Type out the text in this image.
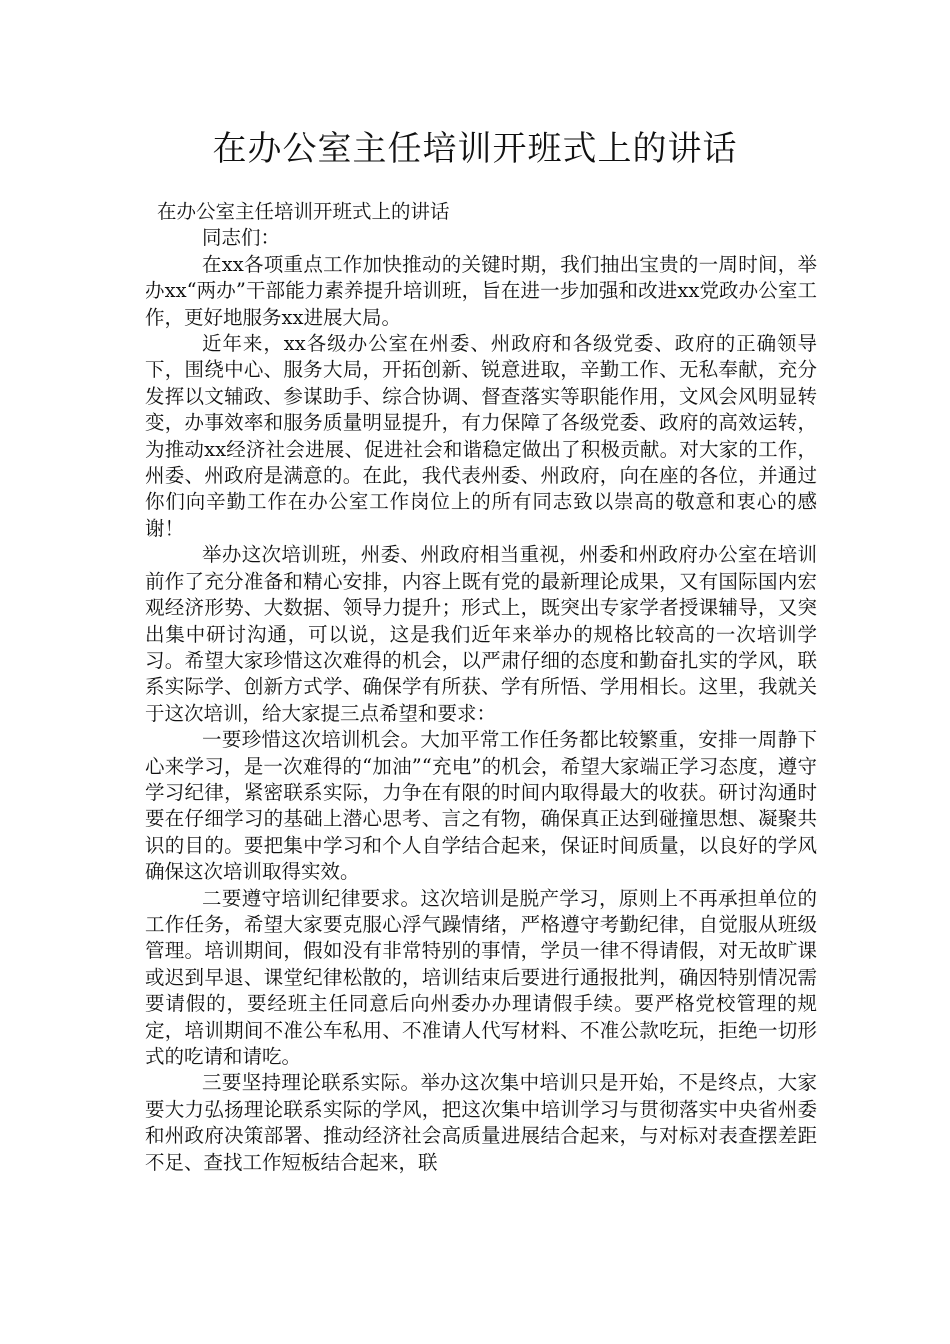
在办公室主任培训开班式上的讲话

在办公室主任培训开班式上的讲话

同志们：

在xx各项重点工作加快推动的关键时期，我们抽出宝贵的一周时间，举办xx“两办”干部能力素养提升培训班，旨在进一步加强和改进xx党政办公室工作，更好地服务xx进展大局。

近年来，xx各级办公室在州委、州政府和各级党委、政府的正确领导下，围绕中心、服务大局，开拓创新、锐意进取，辛勤工作、无私奉献，充分发挥以文辅政、参谋助手、综合协调、督查落实等职能作用，文风会风明显转变，办事效率和服务质量明显提升，有力保障了各级党委、政府的高效运转，为推动xx经济社会进展、促进社会和谐稳定做出了积极贡献。对大家的工作，州委、州政府是满意的。在此，我代表州委、州政府，向在座的各位，并通过你们向辛勤工作在办公室工作岗位上的所有同志致以崇高的敬意和衷心的感谢！

举办这次培训班，州委、州政府相当重视，州委和州政府办公室在培训前作了充分准备和精心安排，内容上既有党的最新理论成果，又有国际国内宏观经济形势、大数据、领导力提升；形式上，既突出专家学者授课辅导，又突出集中研讨沟通，可以说，这是我们近年来举办的规格比较高的一次培训学习。希望大家珍惜这次难得的机会，以严肃仔细的态度和勤奋扎实的学风，联系实际学、创新方式学、确保学有所获、学有所悟、学用相长。这里，我就关于这次培训，给大家提三点希望和要求：

一要珍惜这次培训机会。大加平常工作任务都比较繁重，安排一周静下心来学习，是一次难得的“加油”“充电”的机会，希望大家端正学习态度，遵守学习纪律，紧密联系实际，力争在有限的时间内取得最大的收获。研讨沟通时要在仔细学习的基础上潜心思考、言之有物，确保真正达到碰撞思想、凝聚共识的目的。要把集中学习和个人自学结合起来，保证时间质量，以良好的学风确保这次培训取得实效。

二要遵守培训纪律要求。这次培训是脱产学习，原则上不再承担单位的工作任务，希望大家要克服心浮气躁情绪，严格遵守考勤纪律，自觉服从班级管理。培训期间，假如没有非常特别的事情，学员一律不得请假，对无故旷课或迟到早退、课堂纪律松散的，培训结束后要进行通报批判，确因特别情况需要请假的，要经班主任同意后向州委办办理请假手续。要严格党校管理的规定，培训期间不准公车私用、不准请人代写材料、不准公款吃玩，拒绝一切形式的吃请和请吃。

三要坚持理论联系实际。举办这次集中培训只是开始，不是终点，大家要大力弘扬理论联系实际的学风，把这次集中培训学习与贯彻落实中央省州委和州政府决策部署、推动经济社会高质量进展结合起来，与对标对表查摆差距不足、查找工作短板结合起来，联
